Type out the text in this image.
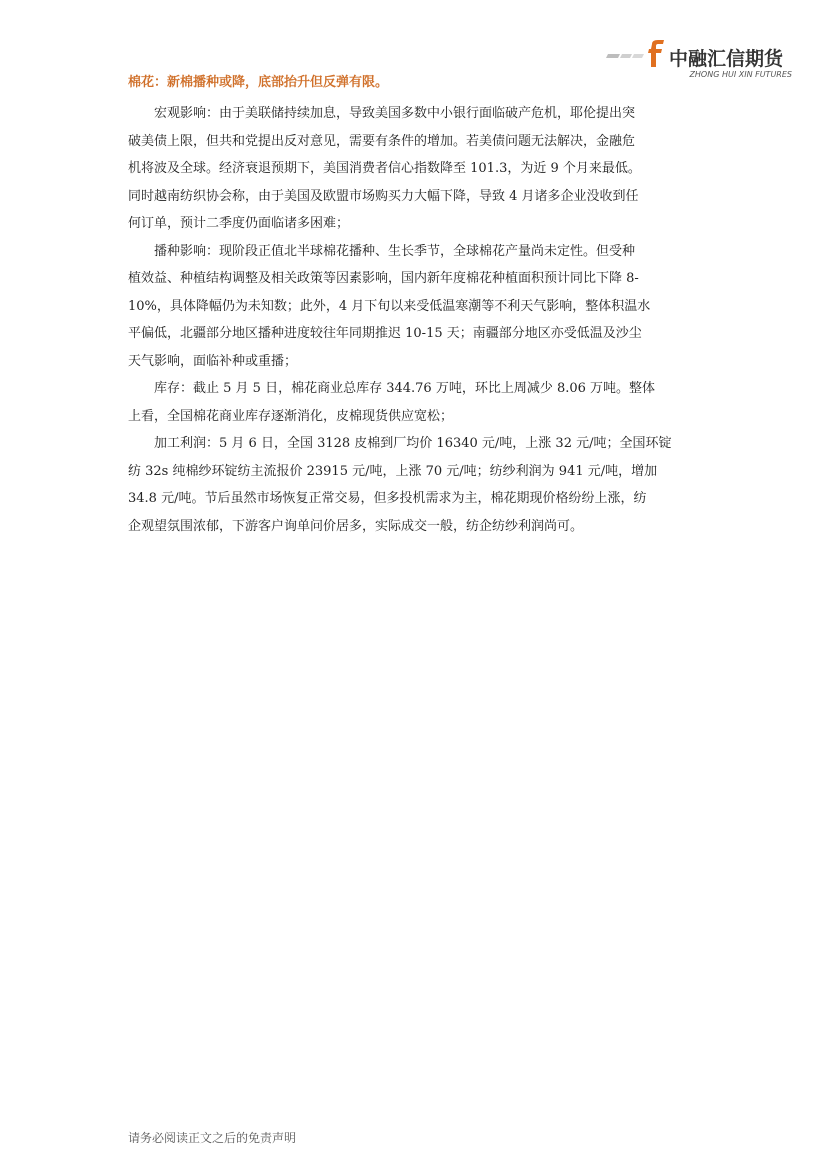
中融汇信期货
ZHONG HUI XIN FUTURES
棉花：新棉播种或降，底部抬升但反弹有限。

宏观影响：由于美联储持续加息，导致美国多数中小银行面临破产危机，耶伦提出突
破美债上限，但共和党提出反对意见，需要有条件的增加。若美债问题无法解决，金融危
机将波及全球。经济衰退预期下，美国消费者信心指数降至 101.3，为近 9 个月来最低。
同时越南纺织协会称，由于美国及欧盟市场购买力大幅下降，导致 4 月诸多企业没收到任
何订单，预计二季度仍面临诸多困难；

播种影响：现阶段正值北半球棉花播种、生长季节，全球棉花产量尚未定性。但受种
植效益、种植结构调整及相关政策等因素影响，国内新年度棉花种植面积预计同比下降 8-
10%，具体降幅仍为未知数；此外，4 月下旬以来受低温寒潮等不利天气影响，整体积温水
平偏低，北疆部分地区播种进度较往年同期推迟 10-15 天；南疆部分地区亦受低温及沙尘
天气影响，面临补种或重播；

库存：截止 5 月 5 日，棉花商业总库存 344.76 万吨，环比上周减少 8.06 万吨。整体
上看，全国棉花商业库存逐渐消化，皮棉现货供应宽松；

加工利润：5 月 6 日，全国 3128 皮棉到厂均价 16340 元/吨，上涨 32 元/吨；全国环锭
纺 32s 纯棉纱环锭纺主流报价 23915 元/吨，上涨 70 元/吨；纺纱利润为 941 元/吨，增加
34.8 元/吨。节后虽然市场恢复正常交易，但多投机需求为主，棉花期现价格纷纷上涨，纺
企观望氛围浓郁，下游客户询单问价居多，实际成交一般，纺企纺纱利润尚可。

请务必阅读正文之后的免责声明
